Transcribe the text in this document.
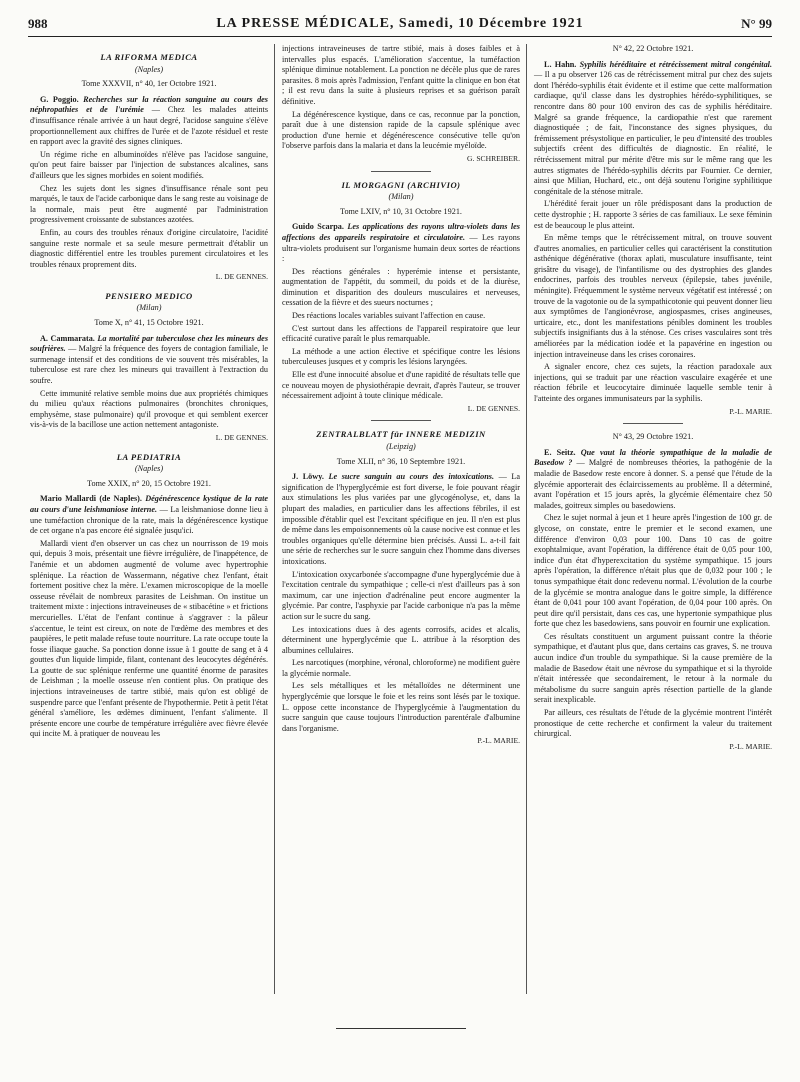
988	LA PRESSE MÉDICALE, Samedi, 10 Décembre 1921	N° 99
LA RIFORMA MEDICA
(Naples)
Tome XXXVII, n° 40, 1er Octobre 1921.

G. Poggio. Recherches sur la réaction sanguine au cours des néphropathies et de l'urémie — Chez les malades atteints d'insuffisance rénale arrivée à un haut degré, l'acidose sanguine s'élève proportionnellement aux chiffres de l'urée et de l'azote résiduel et reste en rapport avec la gravité des signes cliniques.

Un régime riche en albuminoïdes n'élève pas l'acidose sanguine, qu'on peut faire baisser par l'injection de substances alcalines, sans d'ailleurs que les signes morbides en soient modifiés.

Chez les sujets dont les signes d'insuffisance rénale sont peu marqués, le taux de l'acide carbonique dans le sang reste au voisinage de la normale, mais peut être augmenté par l'administration progressivement croissante de substances azotées.

Enfin, au cours des troubles rénaux d'origine circulatoire, l'acidité sanguine reste normale et sa seule mesure permettrait d'établir un diagnostic différentiel entre les troubles purement circulatoires et les troubles rénaux proprement dits.

L. DE GENNES.
PENSIERO MEDICO
(Milan)
Tome X, n° 41, 15 Octobre 1921.

A. Cammarata. La mortalité par tuberculose chez les mineurs des soufrières. — Malgré la fréquence des foyers de contagion familiale, le surmenage intensif et des conditions de vie souvent très misérables, la tuberculose est rare chez les mineurs qui travaillent à l'extraction du soufre.

Cette immunité relative semble moins due aux propriétés chimiques du milieu qu'aux réactions pulmonaires (bronchites chroniques, emphysème, stase pulmonaire) qu'il provoque et qui semblent exercer vis-à-vis de la bacillose une action nettement antagoniste.

L. DE GENNES.
LA PEDIATRIA
(Naples)
Tome XXIX, n° 20, 15 Octobre 1921.

Mario Mallardi (de Naples). Dégénérescence kystique de la rate au cours d'une leishmaniose interne. — La leishmaniose donne lieu à une tuméfaction chronique de la rate, mais la dégénérescence kystique de cet organe n'a pas encore été signalée jusqu'ici.

Mallardi vient d'en observer un cas chez un nourrisson de 19 mois qui, depuis 3 mois, présentait une fièvre irrégulière, de l'inappétence, de l'anémie et un abdomen augmenté de volume avec hypertrophie splénique. La réaction de Wassermann, négative chez l'enfant, était fortement positive chez la mère. L'examen microscopique de la moelle osseuse révélait de nombreux parasites de Leishman. On institue un traitement mixte : injections intraveineuses de « stibacétine » et frictions mercurielles. L'état de l'enfant continue à s'aggraver : la pâleur s'accentue, le teint est cireux, on note de l'œdème des membres et des paupières, le petit malade refuse toute nourriture. La rate occupe toute la fosse iliaque gauche. Sa ponction donne issue à 1 goutte de sang et à 4 gouttes d'un liquide limpide, filant, contenant des leucocytes dégénérés. La goutte de suc splénique renferme une quantité énorme de parasites de Leishman ; la moelle osseuse n'en contient plus. On pratique des injections intraveineuses de tartre stibié, mais qu'on est obligé de suspendre parce que l'enfant présente de l'hypothermie. Petit à petit l'état général s'améliore, les œdèmes diminuent, l'enfant s'alimente. Il présente encore une courbe de température irrégulière avec fièvre élevée qui incite M. à pratiquer de nouveau les

injections intraveineuses de tartre stibié, mais à doses faibles et à intervalles plus espacés. L'amélioration s'accentue, la tuméfaction splénique diminue notablement. La ponction ne décèle plus que de rares parasites. 8 mois après l'admission, l'enfant quitte la clinique en bon état ; il est revu dans la suite à plusieurs reprises et sa guérison paraît définitive.

La dégénérescence kystique, dans ce cas, reconnue par la ponction, paraît due à une distension rapide de la capsule splénique avec production d'une hernie et dégénérescence consécutive telle qu'on l'observe parfois dans la malaria et dans la leucémie myéloïde.

G. SCHREIBER.
IL MORGAGNI (ARCHIVIO)
(Milan)
Tome LXIV, n° 10, 31 Octobre 1921.

Guido Scarpa. Les applications des rayons ultra-violets dans les affections des appareils respiratoire et circulatoire. — Les rayons ultra-violets produisent sur l'organisme humain deux sortes de réactions :

Des réactions générales : hyperémie intense et persistante, augmentation de l'appétit, du sommeil, du poids et de la diurèse, diminution et disparition des douleurs musculaires et nerveuses, cessation de la fièvre et des sueurs nocturnes ;

Des réactions locales variables suivant l'affection en cause.

C'est surtout dans les affections de l'appareil respiratoire que leur efficacité curative paraît le plus remarquable.

La méthode a une action élective et spécifique contre les lésions tuberculeuses jusques et y compris les lésions laryngées.

Elle est d'une innocuité absolue et d'une rapidité de résultats telle que ce nouveau moyen de physiothérapie devrait, d'après l'auteur, se trouver nécessairement adjoint à toute clinique médicale.

L. DE GENNES.
ZENTRALBLATT für INNERE MEDIZIN
(Leipzig)
Tome XLII, n° 36, 10 Septembre 1921.

J. Löwy. Le sucre sanguin au cours des intoxications. — La signification de l'hyperglycémie est fort diverse, le foie pouvant réagir aux stimulations les plus variées par une glycogénolyse, et, dans la plupart des maladies, en particulier dans les affections fébriles, il est impossible d'établir quel est l'excitant spécifique en jeu. Il n'en est plus de même dans les empoisonnements où la cause nocive est connue et les troubles organiques qu'elle détermine bien précisés. Aussi L. a-t-il fait une série de recherches sur le sucre sanguin chez l'homme dans diverses intoxications.

L'intoxication oxycarbonée s'accompagne d'une hyperglycémie due à l'excitation centrale du sympathique ; celle-ci n'est d'ailleurs pas à son maximum, car une injection d'adrénaline peut encore augmenter la glycémie. Par contre, l'asphyxie par l'acide carbonique n'a pas la même action sur le sucre du sang.

Les intoxications dues à des agents corrosifs, acides et alcalis, déterminent une hyperglycémie que L. attribue à la résorption des albumines cellulaires.

Les narcotiques (morphine, véronal, chloroforme) ne modifient guère la glycémie normale.

Les sels métalliques et les métalloïdes ne déterminent une hyperglycémie que lorsque le foie et les reins sont lésés par le toxique. L. oppose cette inconstance de l'hyperglycémie à l'augmentation du sucre sanguin que cause toujours l'introduction parentérale d'albumine dans l'organisme.

P.-L. MARIE.
N° 42, 22 Octobre 1921.

L. Hahn. Syphilis héréditaire et rétrécissement mitral congénital. — Il a pu observer 126 cas de rétrécissement mitral pur chez des sujets dont l'hérédo-syphilis était évidente et il estime que cette malformation cardiaque, qu'il classe dans les dystrophies hérédo-syphilitiques, se rencontre dans 80 pour 100 environ des cas de syphilis héréditaire. Malgré sa grande fréquence, la cardiopathie n'est que rarement diagnostiquée ; de fait, l'inconstance des signes physiques, du frémissement présystolique en particulier, le peu d'intensité des troubles subjectifs créent des difficultés de diagnostic. En réalité, le rétrécissement mitral pur mérite d'être mis sur le même rang que les autres stigmates de l'hérédo-syphilis décrits par Fournier. Ce dernier, ainsi que Milian, Huchard, etc., ont déjà soutenu l'origine syphilitique congénitale de la sténose mitrale.

L'hérédité ferait jouer un rôle prédisposant dans la production de cette dystrophie ; H. rapporte 3 séries de cas familiaux. Le sexe féminin est de beaucoup le plus atteint.

En même temps que le rétrécissement mitral, on trouve souvent d'autres anomalies, en particulier celles qui caractérisent la constitution asthénique dégénérative (thorax aplati, musculature insuffisante, teint grisâtre du visage), de l'infantilisme ou des dystrophies des glandes endocrines, parfois des troubles nerveux (épilepsie, tabes juvénile, méningite). Fréquemment le système nerveux végétatif est intéressé ; on trouve de la vagotonie ou de la sympathicotonie qui peuvent donner lieu aux symptômes de l'angionévrose, angiospasmes, crises angineuses, urticaire, etc., dont les manifestations pénibles dominent les troubles subjectifs insignifiants dus à la sténose. Ces crises vasculaires sont très améliorées par la médication iodée et la papavérine en ingestion ou injection intraveineuse dans les crises coronaires.

A signaler encore, chez ces sujets, la réaction paradoxale aux injections, qui se traduit par une réaction vasculaire exagérée et une réaction fébrile et leucocytaire diminuée laquelle semble tenir à l'atteinte des organes immunisateurs par la syphilis.

P.-L. MARIE.
N° 43, 29 Octobre 1921.

E. Seitz. Que vaut la théorie sympathique de la maladie de Basedow ? — Malgré de nombreuses théories, la pathogénie de la maladie de Basedow reste encore à donner. S. a pensé que l'étude de la glycémie apporterait des éclaircissements au problème. Il a déterminé, avant l'opération et 15 jours après, la glycémie élémentaire chez 50 malades, goitreux simples ou basedowiens.

Chez le sujet normal à jeun et 1 heure après l'ingestion de 100 gr. de glycose, on constate, entre le premier et le second examen, une différence d'environ 0,03 pour 100. Dans 10 cas de goitre exophtalmique, avant l'opération, la différence était de 0,05 pour 100, indice d'un état d'hyperexcitation du système sympathique. 15 jours après l'opération, la différence n'était plus que de 0,032 pour 100 ; le tonus sympathique était donc redevenu normal. L'évolution de la courbe de la glycémie se montra analogue dans le goitre simple, la différence étant de 0,041 pour 100 avant l'opération, de 0,04 pour 100 après. On peut dire qu'il persistait, dans ces cas, une hypertonie sympathique plus forte que chez les basedowiens, sans pouvoir en fournir une explication.

Ces résultats constituent un argument puissant contre la théorie sympathique, et d'autant plus que, dans certains cas graves, S. ne trouva aucun indice d'un trouble du sympathique. Si la cause première de la maladie de Basedow était une névrose du sympathique et si la thyroïde n'était intéressée que secondairement, le retour à la normale du métabolisme du sucre sanguin après résection partielle de la glande serait inexplicable.

Par ailleurs, ces résultats de l'étude de la glycémie montrent l'intérêt pronostique de cette recherche et confirment la valeur du traitement chirurgical.

P.-L. MARIE.
